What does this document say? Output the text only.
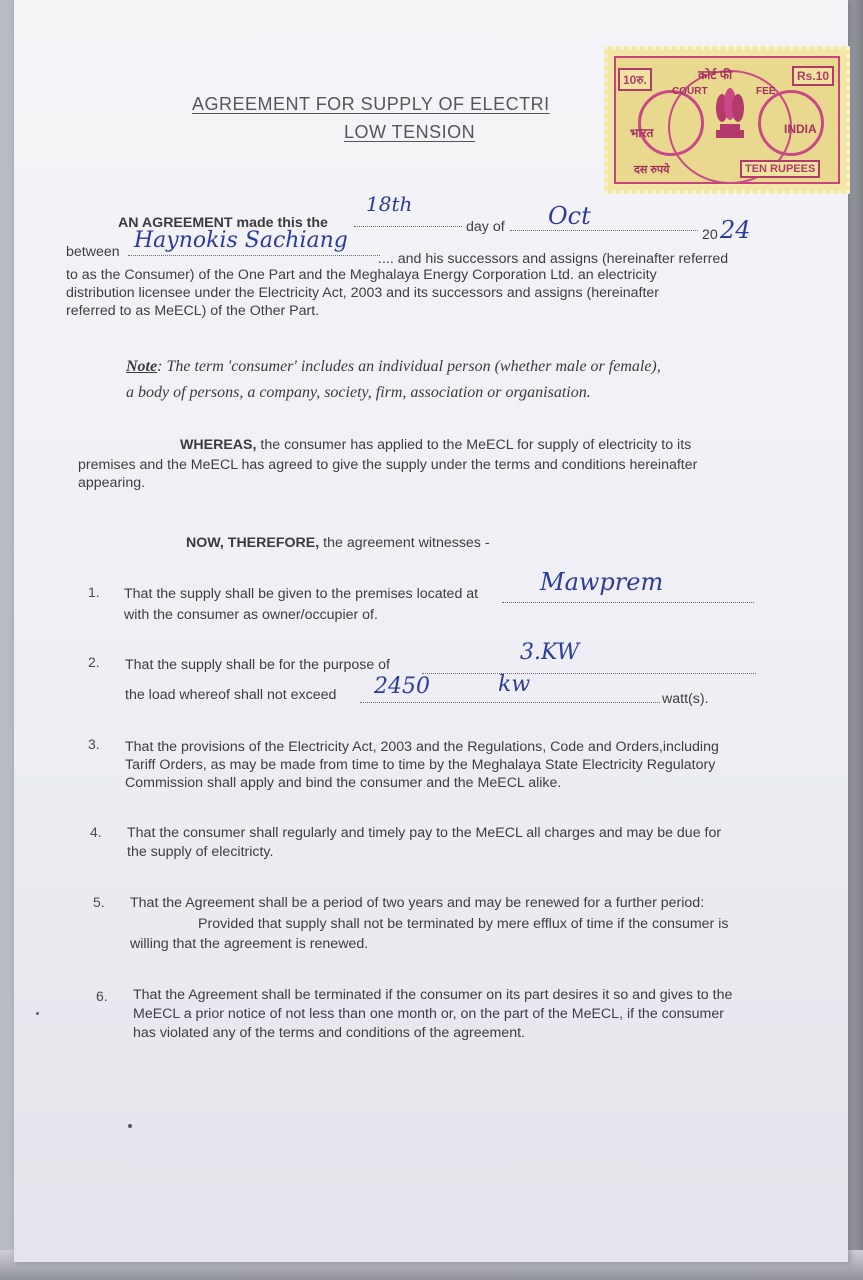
AGREEMENT FOR SUPPLY OF ELECTRI
LOW TENSION
10रु.	Rs.10
कोर्ट फी
COURT	FEE
भारत	INDIA
दस रुपये	TEN RUPEES
AN AGREEMENT made this the
18th
day of Oct
20 24
between Haynokis Sachiang
.... and his successors and assigns (hereinafter referred
to as the Consumer) of the One Part and the Meghalaya Energy Corporation Ltd. an electricity
distribution licensee under the Electricity Act, 2003 and its successors and assigns (hereinafter
referred to as MeECL) of the Other Part.
Note: The term 'consumer' includes an individual person (whether male or female),
a body of persons, a company, society, firm, association or organisation.
WHEREAS, the consumer has applied to the MeECL for supply of electricity to its
premises and the MeECL has agreed to give the supply under the terms and conditions hereinafter
appearing.
NOW, THEREFORE, the agreement witnesses -
1. That the supply shall be given to the premises located at	Mawprem
with the consumer as owner/occupier of.
2. That the supply shall be for the purpose of	3.KW
the load whereof shall not exceed 2450	kw
watt(s).
3. That the provisions of the Electricity Act, 2003 and the Regulations, Code and Orders,including
Tariff Orders, as may be made from time to time by the Meghalaya State Electricity Regulatory
Commission shall apply and bind the consumer and the MeECL alike.
4. That the consumer shall regularly and timely pay to the MeECL all charges and may be due for
the supply of elecitricty.
5. That the Agreement shall be a period of two years and may be renewed for a further period:
Provided that supply shall not be terminated by mere efflux of time if the consumer is
willing that the agreement is renewed.
6. That the Agreement shall be terminated if the consumer on its part desires it so and gives to the
MeECL a prior notice of not less than one month or, on the part of the MeECL, if the consumer
has violated any of the terms and conditions of the agreement.
